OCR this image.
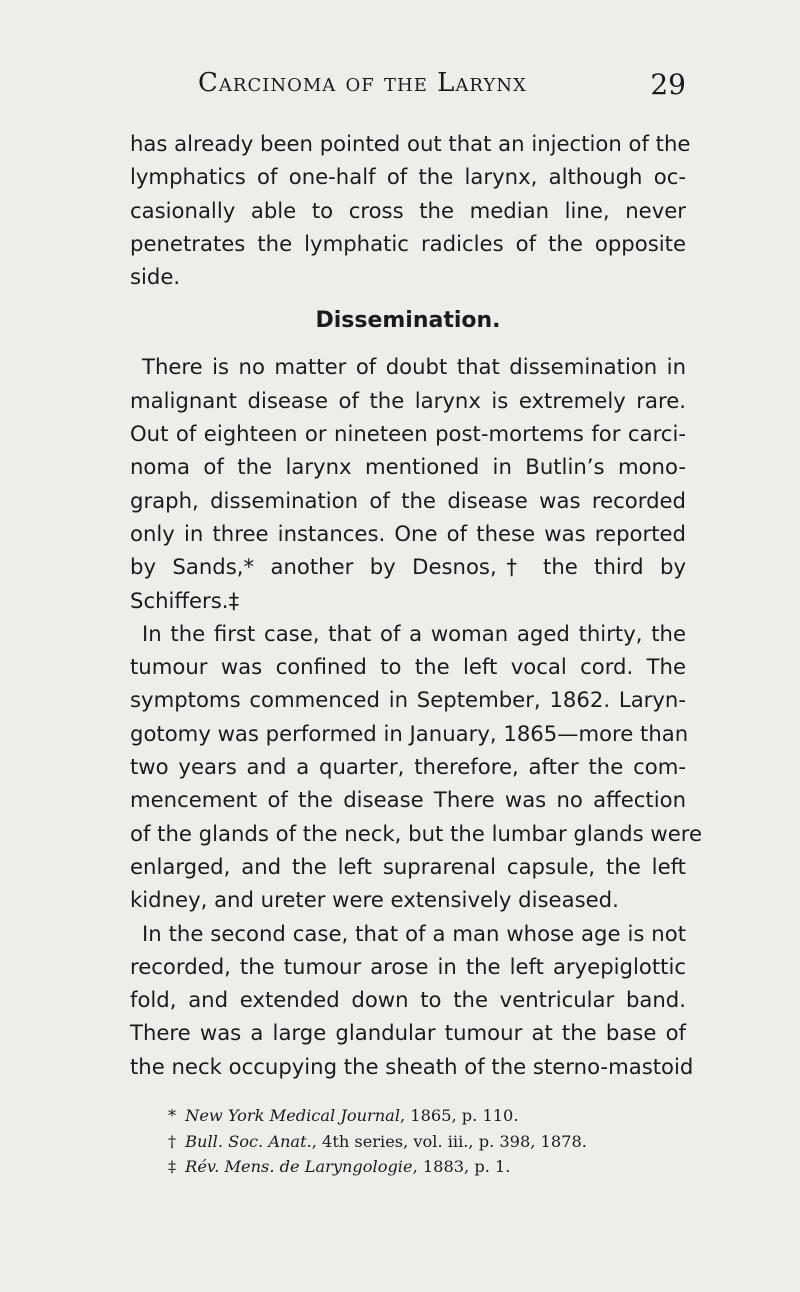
Carcinoma of the Larynx	29
has already been pointed out that an injection of the
lymphatics of one-half of the larynx, although oc-
casionally able to cross the median line, never
penetrates the lymphatic radicles of the opposite
side.
Dissemination.
There is no matter of doubt that dissemination in
malignant disease of the larynx is extremely rare.
Out of eighteen or nineteen post-mortems for carci-
noma of the larynx mentioned in Butlin’s mono-
graph, dissemination of the disease was recorded
only in three instances. One of these was reported
by Sands,* another by Desnos,† the third by
Schiffers.‡
In the first case, that of a woman aged thirty, the
tumour was confined to the left vocal cord. The
symptoms commenced in September, 1862. Laryn-
gotomy was performed in January, 1865—more than
two years and a quarter, therefore, after the com-
mencement of the disease There was no affection
of the glands of the neck, but the lumbar glands were
enlarged, and the left suprarenal capsule, the left
kidney, and ureter were extensively diseased.
In the second case, that of a man whose age is not
recorded, the tumour arose in the left aryepiglottic
fold, and extended down to the ventricular band.
There was a large glandular tumour at the base of
the neck occupying the sheath of the sterno-mastoid
* New York Medical Journal, 1865, p. 110.
† Bull. Soc. Anat., 4th series, vol. iii., p. 398, 1878.
‡ Rév. Mens. de Laryngologie, 1883, p. 1.
